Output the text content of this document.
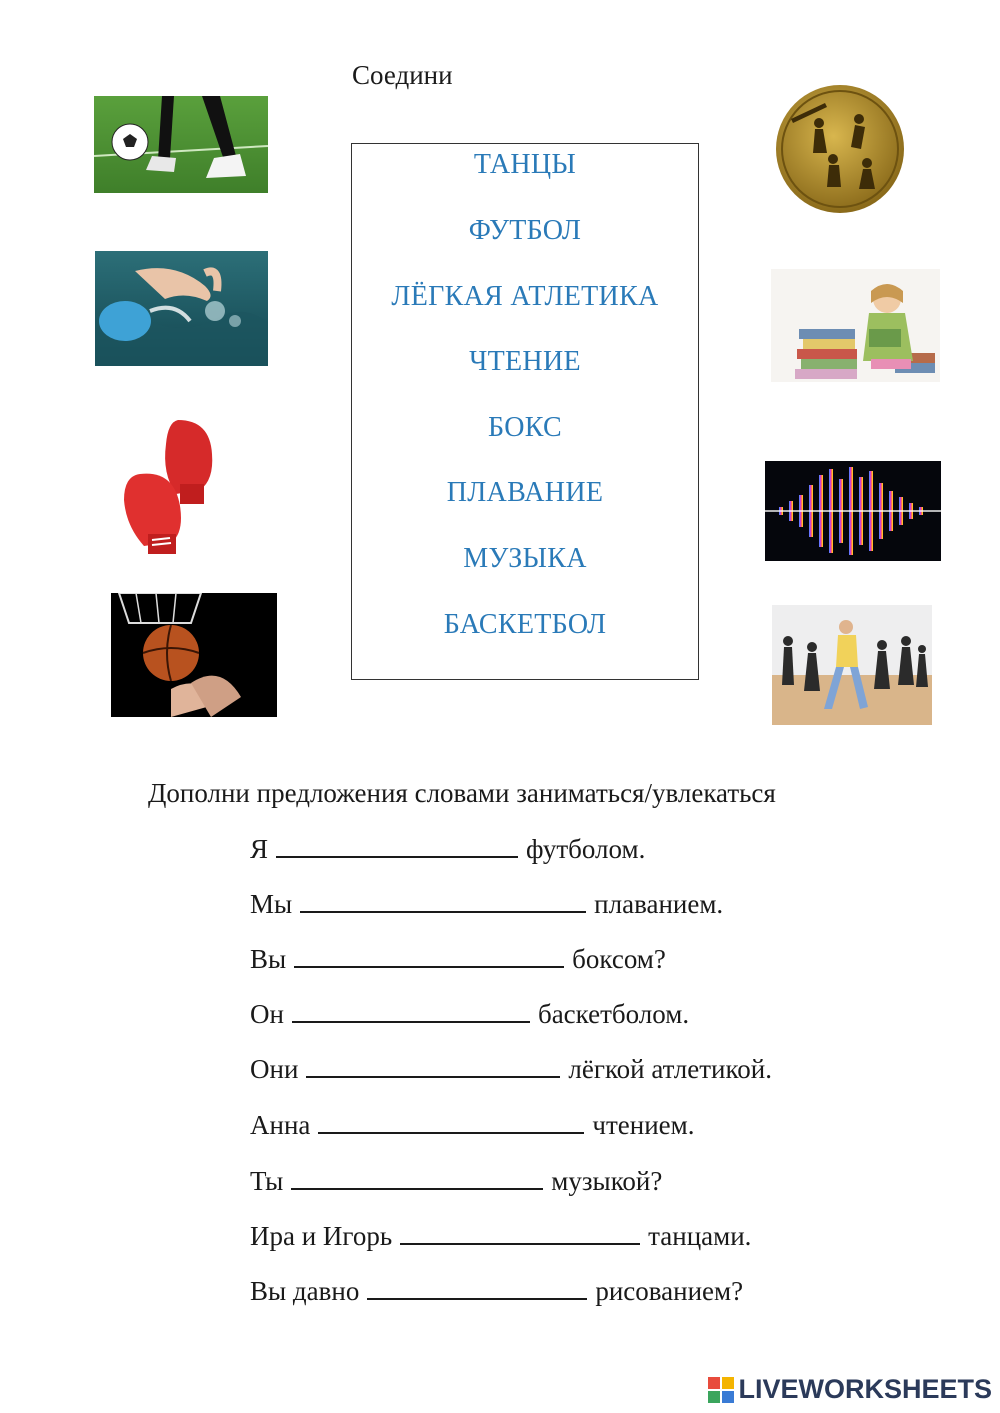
Соедини
ТАНЦЫ
ФУТБОЛ
ЛЁГКАЯ АТЛЕТИКА
ЧТЕНИЕ
БОКС
ПЛАВАНИЕ
МУЗЫКА
БАСКЕТБОЛ
Дополни предложения словами заниматься/увлекаться
Я	футболом.
Мы	плаванием.
Вы	боксом?
Он	баскетболом.
Они	лёгкой атлетикой.
Анна	чтением.
Ты	музыкой?
Ира и Игорь	танцами.
Вы давно	рисованием?
LIVEWORKSHEETS
